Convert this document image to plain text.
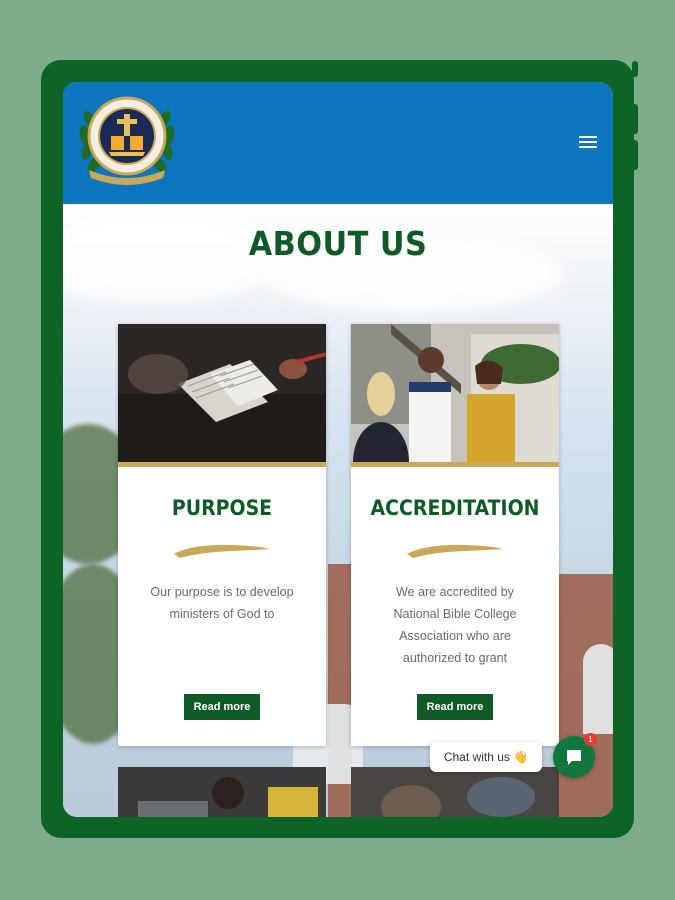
ABOUT US
PURPOSE

Our purpose is to develop
ministers of God to

Read more
ACCREDITATION

We are accredited by
National Bible College
Association who are
authorized to grant

Read more
Chat with us 👋
1
